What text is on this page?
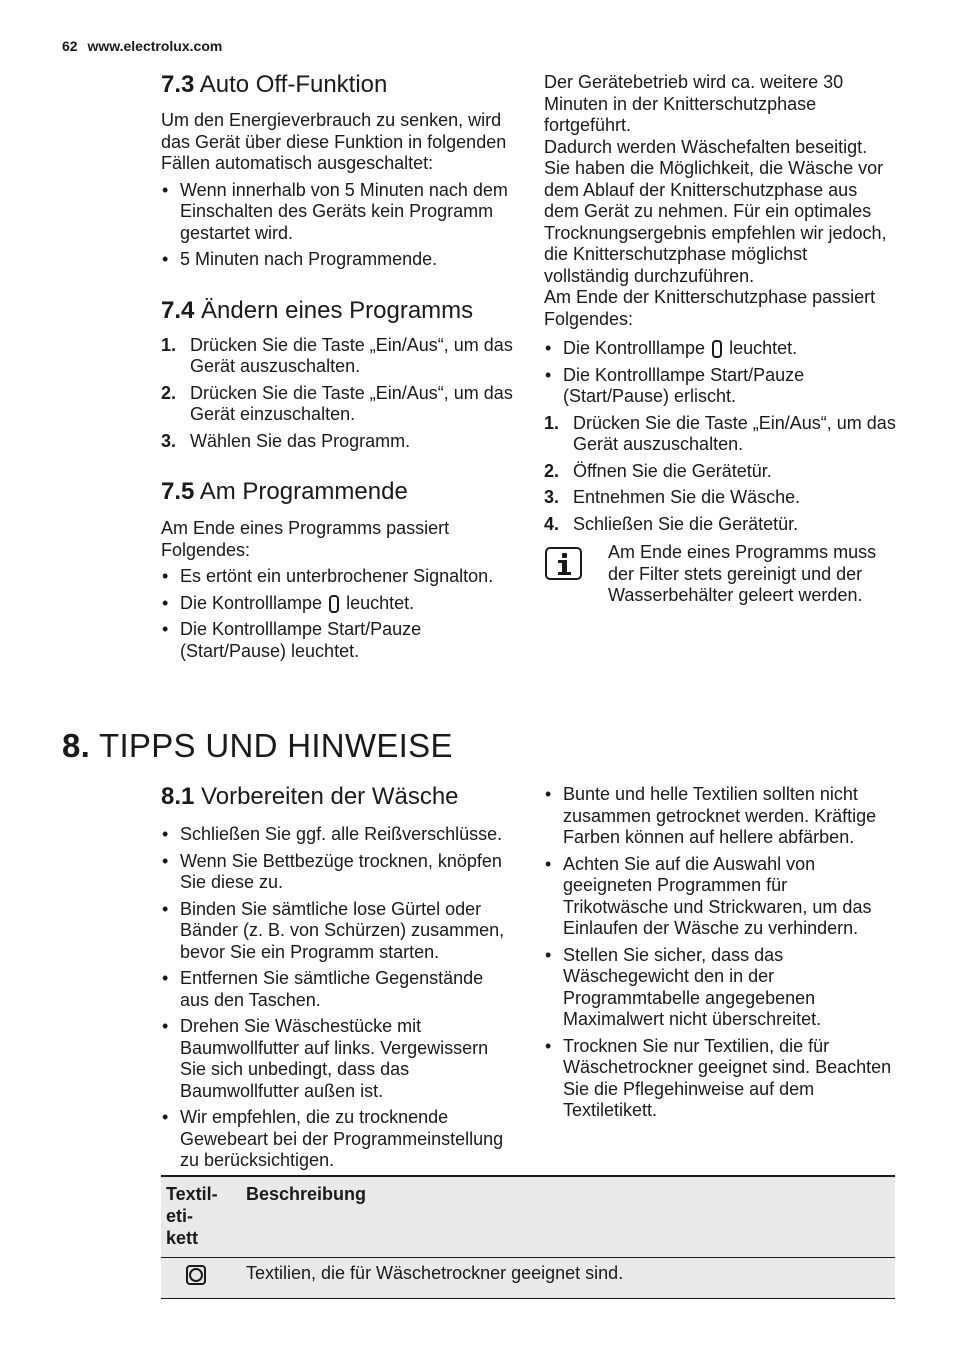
62 www.electrolux.com
7.3 Auto Off-Funktion

Um den Energieverbrauch zu senken, wird das Gerät über diese Funktion in folgenden Fällen automatisch ausgeschaltet:

• Wenn innerhalb von 5 Minuten nach dem Einschalten des Geräts kein Programm gestartet wird.
• 5 Minuten nach Programmende.
7.4 Ändern eines Programms
1. Drücken Sie die Taste „Ein/Aus“, um das Gerät auszuschalten.
2. Drücken Sie die Taste „Ein/Aus“, um das Gerät einzuschalten.
3. Wählen Sie das Programm.
7.5 Am Programmende

Am Ende eines Programms passiert Folgendes:

• Es ertönt ein unterbrochener Signalton.
• Die Kontrolllampe leuchtet.
• Die Kontrolllampe Start/Pauze (Start/Pause) leuchtet.

Der Gerätebetrieb wird ca. weitere 30 Minuten in der Knitterschutzphase fortgeführt.

Dadurch werden Wäschefalten beseitigt. Sie haben die Möglichkeit, die Wäsche vor dem Ablauf der Knitterschutzphase aus dem Gerät zu nehmen. Für ein optimales Trocknungsergebnis empfehlen wir jedoch, die Knitterschutzphase möglichst vollständig durchzuführen.

Am Ende der Knitterschutzphase passiert Folgendes:

• Die Kontrolllampe leuchtet.
• Die Kontrolllampe Start/Pauze (Start/Pause) erlischt.
1. Drücken Sie die Taste „Ein/Aus“, um das Gerät auszuschalten.
2. Öffnen Sie die Gerätetür.
3. Entnehmen Sie die Wäsche.
4. Schließen Sie die Gerätetür.
Am Ende eines Programms muss der Filter stets gereinigt und der Wasserbehälter geleert werden.
8. TIPPS UND HINWEISE
8.1 Vorbereiten der Wäsche
• Schließen Sie ggf. alle Reißverschlüsse.
• Wenn Sie Bettbezüge trocknen, knöpfen Sie diese zu.
• Binden Sie sämtliche lose Gürtel oder Bänder (z. B. von Schürzen) zusammen, bevor Sie ein Programm starten.
• Entfernen Sie sämtliche Gegenstände aus den Taschen.
• Drehen Sie Wäschestücke mit Baumwollfutter auf links. Vergewissern Sie sich unbedingt, dass das Baumwollfutter außen ist.
• Wir empfehlen, die zu trocknende Gewebeart bei der Programmeinstellung zu berücksichtigen.
• Bunte und helle Textilien sollten nicht zusammen getrocknet werden. Kräftige Farben können auf hellere abfärben.
• Achten Sie auf die Auswahl von geeigneten Programmen für Trikotwäsche und Strickwaren, um das Einlaufen der Wäsche zu verhindern.
• Stellen Sie sicher, dass das Wäschegewicht den in der Programmtabelle angegebenen Maximalwert nicht überschreitet.
• Trocknen Sie nur Textilien, die für Wäschetrockner geeignet sind. Beachten Sie die Pflegehinweise auf dem Textiletikett.
Textil-
eti-
kett	Beschreibung
	Textilien, die für Wäschetrockner geeignet sind.
